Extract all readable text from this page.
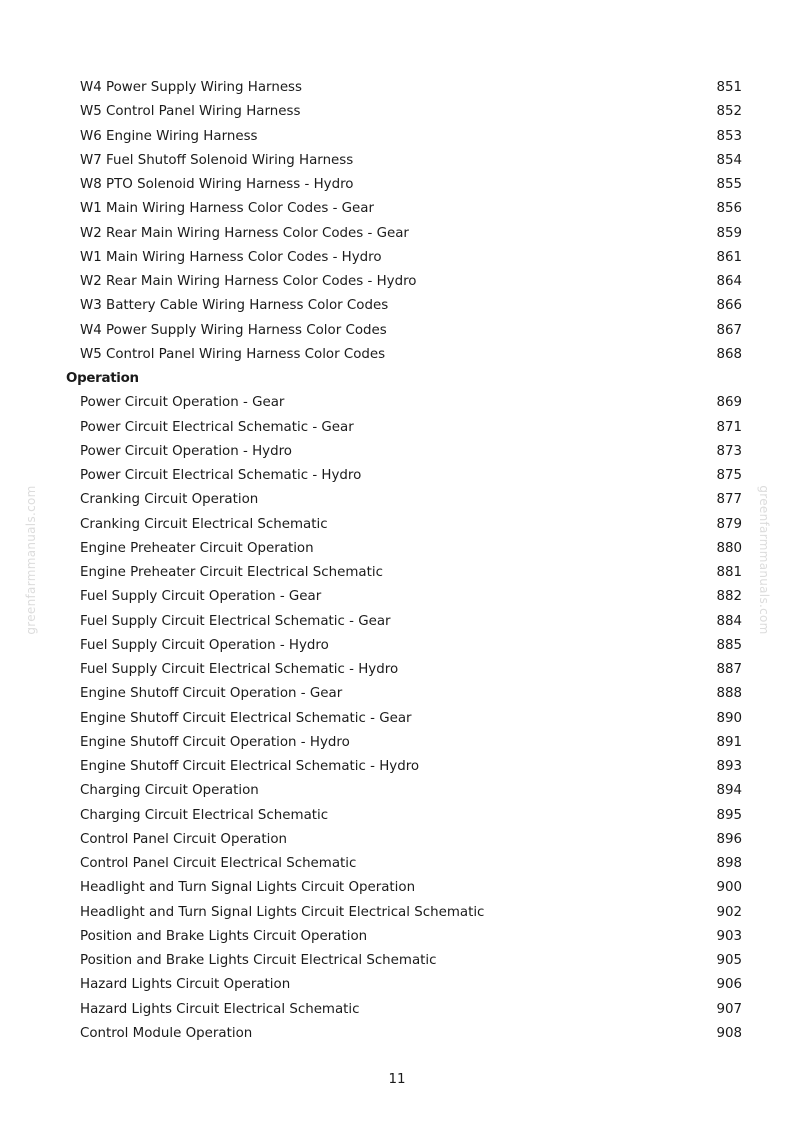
greenfarmmanuals.com	greenfarmmanuals.com
W4 Power Supply Wiring Harness	851
W5 Control Panel Wiring Harness	852
W6 Engine Wiring Harness	853
W7 Fuel Shutoff Solenoid Wiring Harness	854
W8 PTO Solenoid Wiring Harness - Hydro	855
W1 Main Wiring Harness Color Codes - Gear	856
W2 Rear Main Wiring Harness Color Codes - Gear	859
W1 Main Wiring Harness Color Codes - Hydro	861
W2 Rear Main Wiring Harness Color Codes - Hydro	864
W3 Battery Cable Wiring Harness Color Codes	866
W4 Power Supply Wiring Harness Color Codes	867
W5 Control Panel Wiring Harness Color Codes	868
Operation
Power Circuit Operation - Gear	869
Power Circuit Electrical Schematic - Gear	871
Power Circuit Operation - Hydro	873
Power Circuit Electrical Schematic - Hydro	875
Cranking Circuit Operation	877
Cranking Circuit Electrical Schematic	879
Engine Preheater Circuit Operation	880
Engine Preheater Circuit Electrical Schematic	881
Fuel Supply Circuit Operation - Gear	882
Fuel Supply Circuit Electrical Schematic - Gear	884
Fuel Supply Circuit Operation - Hydro	885
Fuel Supply Circuit Electrical Schematic - Hydro	887
Engine Shutoff Circuit Operation - Gear	888
Engine Shutoff Circuit Electrical Schematic - Gear	890
Engine Shutoff Circuit Operation - Hydro	891
Engine Shutoff Circuit Electrical Schematic - Hydro	893
Charging Circuit Operation	894
Charging Circuit Electrical Schematic	895
Control Panel Circuit Operation	896
Control Panel Circuit Electrical Schematic	898
Headlight and Turn Signal Lights Circuit Operation	900
Headlight and Turn Signal Lights Circuit Electrical Schematic	902
Position and Brake Lights Circuit Operation	903
Position and Brake Lights Circuit Electrical Schematic	905
Hazard Lights Circuit Operation	906
Hazard Lights Circuit Electrical Schematic	907
Control Module Operation	908
11
